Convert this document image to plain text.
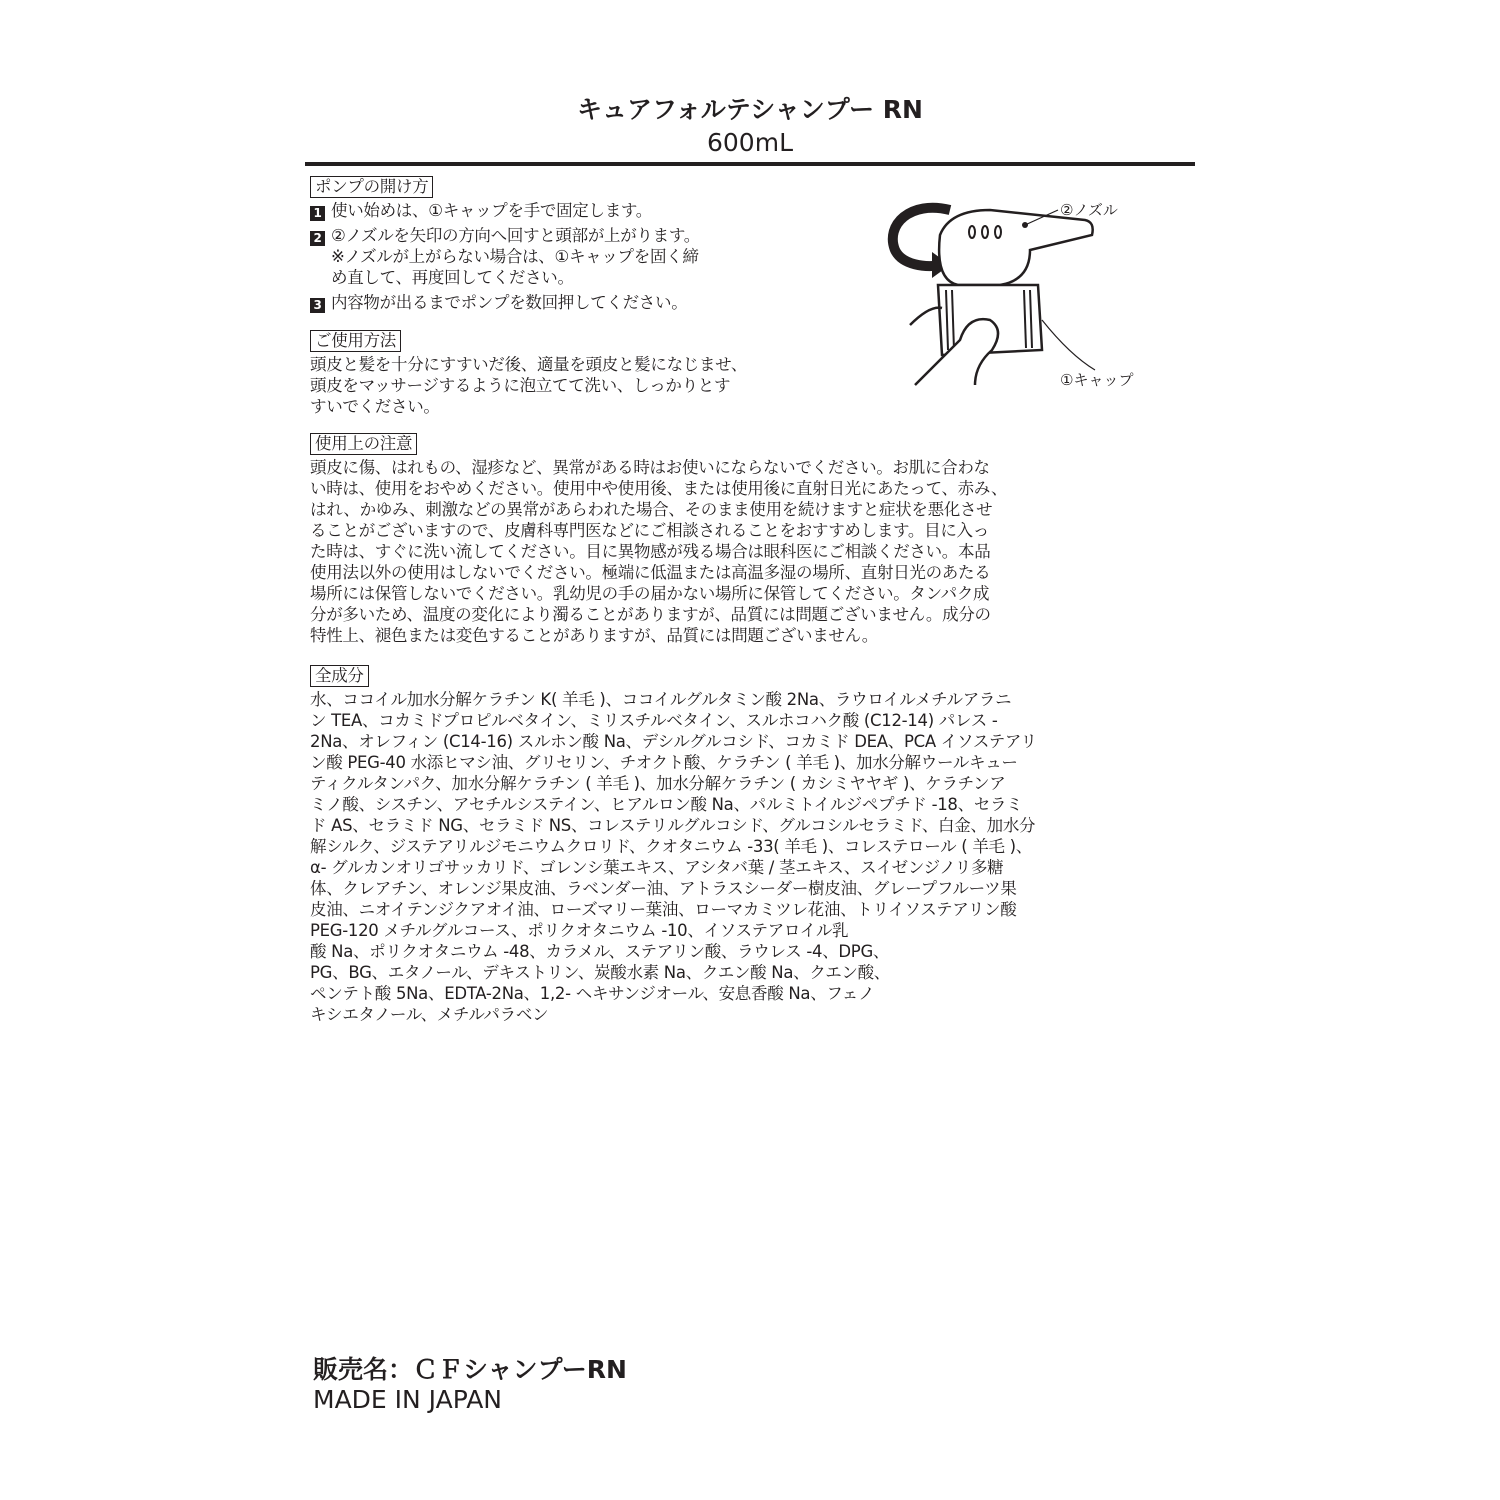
キュアフォルテシャンプー RN
600mL
ポンプの開け方
1 使い始めは、①キャップを手で固定します。
2 ②ノズルを矢印の方向へ回すと頭部が上がります。
※ノズルが上がらない場合は、①キャップを固く締
め直して、再度回してください。
3 内容物が出るまでポンプを数回押してください。
②ノズル
①キャップ
ご使用方法
頭皮と髪を十分にすすいだ後、適量を頭皮と髪になじませ、
頭皮をマッサージするように泡立てて洗い、しっかりとす
すいでください。
使用上の注意
頭皮に傷、はれもの、湿疹など、異常がある時はお使いにならないでください。お肌に合わな
い時は、使用をおやめください。使用中や使用後、または使用後に直射日光にあたって、赤み、
はれ、かゆみ、刺激などの異常があらわれた場合、そのまま使用を続けますと症状を悪化させ
ることがございますので、皮膚科専門医などにご相談されることをおすすめします。目に入っ
た時は、すぐに洗い流してください。目に異物感が残る場合は眼科医にご相談ください。本品
使用法以外の使用はしないでください。極端に低温または高温多湿の場所、直射日光のあたる
場所には保管しないでください。乳幼児の手の届かない場所に保管してください。タンパク成
分が多いため、温度の変化により濁ることがありますが、品質には問題ございません。成分の
特性上、褪色または変色することがありますが、品質には問題ございません。
全成分
水、ココイル加水分解ケラチン K( 羊毛 )、ココイルグルタミン酸 2Na、ラウロイルメチルアラニ
ン TEA、コカミドプロピルベタイン、ミリスチルベタイン、スルホコハク酸 (C12-14) パレス -
2Na、オレフィン (C14-16) スルホン酸 Na、デシルグルコシド、コカミド DEA、PCA イソステアリ
ン酸 PEG-40 水添ヒマシ油、グリセリン、チオクト酸、ケラチン ( 羊毛 )、加水分解ウールキュー
ティクルタンパク、加水分解ケラチン ( 羊毛 )、加水分解ケラチン ( カシミヤヤギ )、ケラチンア
ミノ酸、シスチン、アセチルシステイン、ヒアルロン酸 Na、パルミトイルジペプチド -18、セラミ
ド AS、セラミド NG、セラミド NS、コレステリルグルコシド、グルコシルセラミド、白金、加水分
解シルク、ジステアリルジモニウムクロリド、クオタニウム -33( 羊毛 )、コレステロール ( 羊毛 )、
α- グルカンオリゴサッカリド、ゴレンシ葉エキス、アシタバ葉 / 茎エキス、スイゼンジノリ多糖
体、クレアチン、オレンジ果皮油、ラベンダー油、アトラスシーダー樹皮油、グレープフルーツ果
皮油、ニオイテンジクアオイ油、ローズマリー葉油、ローマカミツレ花油、トリイソステアリン酸
PEG-120 メチルグルコース、ポリクオタニウム -10、イソステアロイル乳
酸 Na、ポリクオタニウム -48、カラメル、ステアリン酸、ラウレス -4、DPG、
PG、BG、エタノール、デキストリン、炭酸水素 Na、クエン酸 Na、クエン酸、
ペンテト酸 5Na、EDTA-2Na、1,2- ヘキサンジオール、安息香酸 Na、フェノ
キシエタノール、メチルパラベン
販売名：ＣＦシャンプーRN
MADE IN JAPAN
